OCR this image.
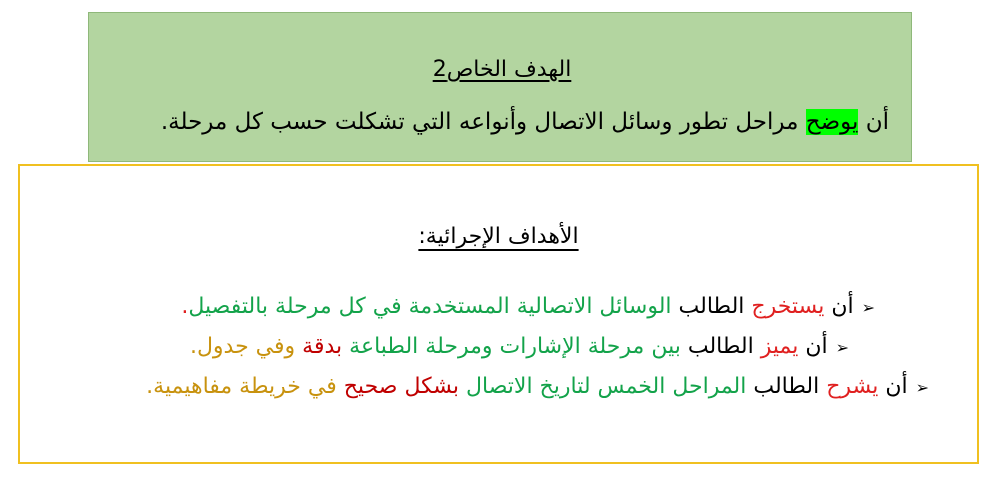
الهدف الخاص2
أن يوضح مراحل تطور وسائل الاتصال وأنواعه التي تشكلت حسب كل مرحلة.
الأهداف الإجرائية:
➢أن يستخرج الطالب الوسائل الاتصالية المستخدمة في كل مرحلة بالتفصيل.
➢أن يميز الطالب بين مرحلة الإشارات ومرحلة الطباعة بدقة وفي جدول.
➢أن يشرح الطالب المراحل الخمس لتاريخ الاتصال بشكل صحيح في خريطة مفاهيمية.
